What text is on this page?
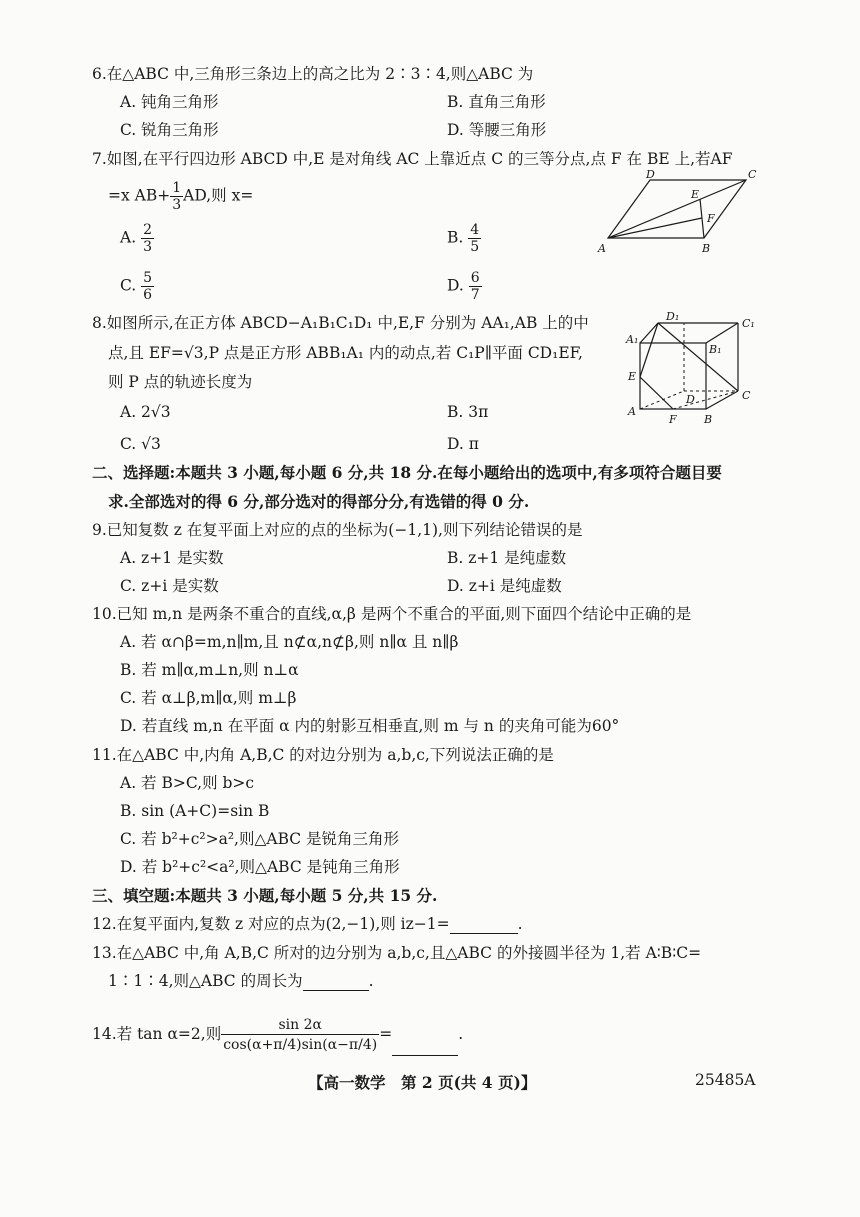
6.在△ABC 中,三角形三条边上的高之比为 2∶3∶4,则△ABC 为
A. 钝角三角形	B. 直角三角形
C. 锐角三角形	D. 等腰三角形
7.如图,在平行四边形 ABCD 中,E 是对角线 AC 上靠近点 C 的三等分点,点 F 在 BE 上,若AF
=x $AB+ \frac{1}{3}$ AD,则 x=
A. $\frac{2}{3}$	B. $\frac{4}{5}$
C. $\frac{5}{6}$	D. $\frac{6}{7}$
D	C
E
F
A	B
8.如图所示,在正方体 ABCD−A₁B₁C₁D₁ 中,E,F 分别为 AA₁,AB 上的中
点,且 EF=√3,P 点是正方形 ABB₁A₁ 内的动点,若 C₁P∥平面 CD₁EF,
则 P 点的轨迹长度为
A. 2√3	B. 3π
C. √3	D. π
D₁
C₁
A₁
B₁
E
D	C
A
F B
二、选择题:本题共 3 小题,每小题 6 分,共 18 分.在每小题给出的选项中,有多项符合题目要
求.全部选对的得 6 分,部分选对的得部分分,有选错的得 0 分.
9.已知复数 z 在复平面上对应的点的坐标为(−1,1),则下列结论错误的是
A. z+1 是实数	B. z+1 是纯虚数
C. z+i 是实数	D. z+i 是纯虚数
10.已知 m,n 是两条不重合的直线,α,β 是两个不重合的平面,则下面四个结论中正确的是
A. 若 α∩β=m,n∥m,且 n⊄α,n⊄β,则 n∥α 且 n∥β
B. 若 m∥α,m⊥n,则 n⊥α
C. 若 α⊥β,m∥α,则 m⊥β
D. 若直线 m,n 在平面 α 内的射影互相垂直,则 m 与 n 的夹角可能为60°
11.在△ABC 中,内角 A,B,C 的对边分别为 a,b,c,下列说法正确的是
A. 若 B>C,则 b>c
B. sin (A+C)=sin B
C. 若 b²+c²>a²,则△ABC 是锐角三角形
D. 若 b²+c²<a²,则△ABC 是钝角三角形
三、填空题:本题共 3 小题,每小题 5 分,共 15 分.
12.在复平面内,复数 z 对应的点为(2,−1),则 iz−1=	.
13.在△ABC 中,角 A,B,C 所对的边分别为 a,b,c,且△ABC 的外接圆半径为 1,若 A∶B∶C=
1∶1∶4,则△ABC 的周长为	.
14.若 tan α=2,则 $\frac{\sin 2\alpha}{\cos(\alpha+\pi/4)\sin(\alpha-\pi/4)}$ =	.
【高一数学　第 2 页(共 4 页)】	25485A
